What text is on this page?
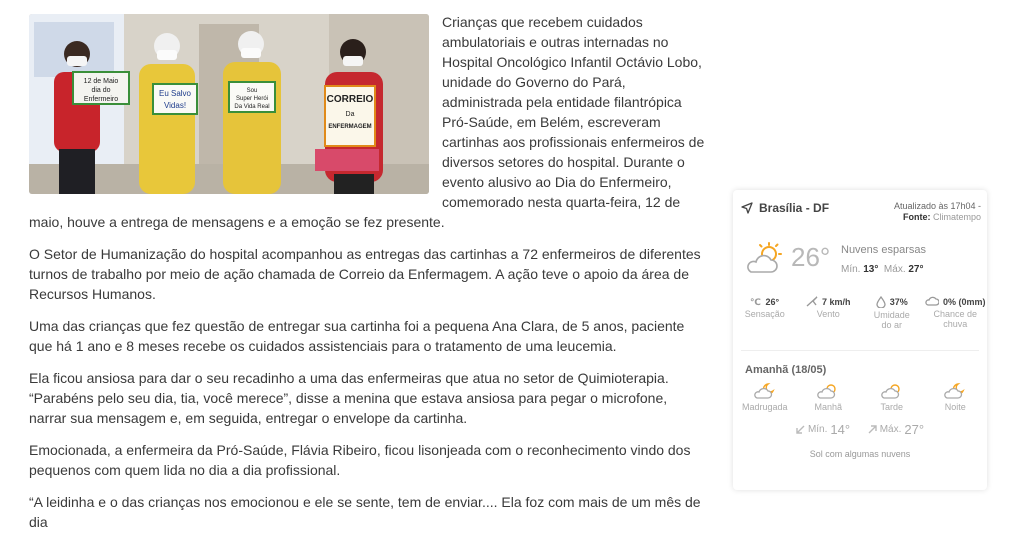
12 de Maio
dia do
Enfermeiro
Eu Salvo
Vidas!
Sou
Super Herói
Da Vida Real
CORREIO
Da
ENFERMAGEM

Crianças que recebem cuidados ambulatoriais e outras internadas no Hospital Oncológico Infantil Octávio Lobo, unidade do Governo do Pará, administrada pela entidade filantrópica Pró-Saúde, em Belém, escreveram cartinhas aos profissionais enfermeiros de diversos setores do hospital. Durante o evento alusivo ao Dia do Enfermeiro, comemorado nesta quarta-feira, 12 de maio, houve a entrega de mensagens e a emoção se fez presente.

O Setor de Humanização do hospital acompanhou as entregas das cartinhas a 72 enfermeiros de diferentes turnos de trabalho por meio de ação chamada de Correio da Enfermagem. A ação teve o apoio da área de Recursos Humanos.

Uma das crianças que fez questão de entregar sua cartinha foi a pequena Ana Clara, de 5 anos, paciente que há 1 ano e 8 meses recebe os cuidados assistenciais para o tratamento de uma leucemia.

Ela ficou ansiosa para dar o seu recadinho a uma das enfermeiras que atua no setor de Quimioterapia. “Parabéns pelo seu dia, tia, você merece”, disse a menina que estava ansiosa para pegar o microfone, narrar sua mensagem e, em seguida, entregar o envelope da cartinha.

Emocionada, a enfermeira da Pró-Saúde, Flávia Ribeiro, ficou lisonjeada com o reconhecimento vindo dos pequenos com quem lida no dia a dia profissional.

“A leidinha e o das crianças nos emocionou e ele se sente, tem de enviar.... Ela foz com mais de um mês de dia

Brasília - DF	Atualizado às 17h04 -
Fonte: Climatempo
26° Nuvens esparsas
Mín. 13° Máx. 27°
℃ 26°
Sensação
7 km/h
Vento
37%
Umidade do ar
0% (0mm)
Chance de chuva
Amanhã (18/05)
Madrugada	Manhã	Tarde	Noite
Mín. 14°
	Máx. 27°
Sol com algumas nuvens
